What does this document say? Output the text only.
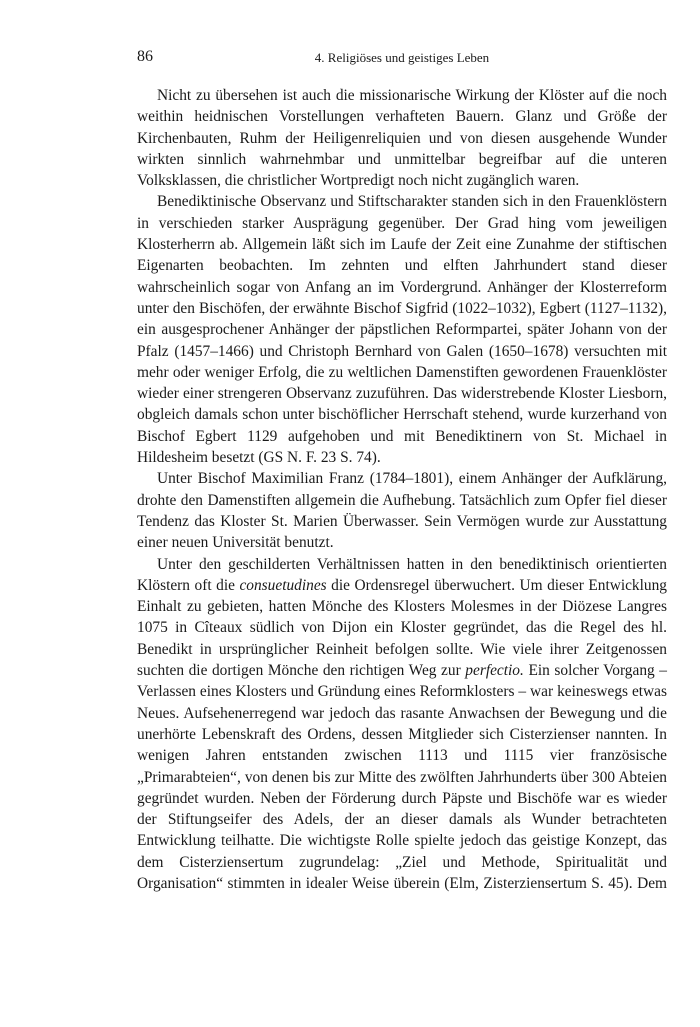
86	4. Religiöses und geistiges Leben

Nicht zu übersehen ist auch die missionarische Wirkung der Klöster auf die noch weithin heidnischen Vorstellungen verhafteten Bauern. Glanz und Größe der Kirchenbauten, Ruhm der Heiligenreliquien und von diesen ausgehende Wunder wirkten sinnlich wahrnehmbar und unmittelbar begreifbar auf die unteren Volksklassen, die christlicher Wortpredigt noch nicht zugänglich waren.

Benediktinische Observanz und Stiftscharakter standen sich in den Frauenklöstern in verschieden starker Ausprägung gegenüber. Der Grad hing vom jeweiligen Klosterherrn ab. Allgemein läßt sich im Laufe der Zeit eine Zunahme der stiftischen Eigenarten beobachten. Im zehnten und elften Jahrhundert stand dieser wahrscheinlich sogar von Anfang an im Vordergrund. Anhänger der Klosterreform unter den Bischöfen, der erwähnte Bischof Sigfrid (1022–1032), Egbert (1127–1132), ein ausgesprochener Anhänger der päpstlichen Reformpartei, später Johann von der Pfalz (1457–1466) und Christoph Bernhard von Galen (1650–1678) versuchten mit mehr oder weniger Erfolg, die zu weltlichen Damenstiften gewordenen Frauenklöster wieder einer strengeren Observanz zuzuführen. Das widerstrebende Kloster Liesborn, obgleich damals schon unter bischöflicher Herrschaft stehend, wurde kurzerhand von Bischof Egbert 1129 aufgehoben und mit Benediktinern von St. Michael in Hildesheim besetzt (GS N. F. 23 S. 74).

Unter Bischof Maximilian Franz (1784–1801), einem Anhänger der Aufklärung, drohte den Damenstiften allgemein die Aufhebung. Tatsächlich zum Opfer fiel dieser Tendenz das Kloster St. Marien Überwasser. Sein Vermögen wurde zur Ausstattung einer neuen Universität benutzt.

Unter den geschilderten Verhältnissen hatten in den benediktinisch orientierten Klöstern oft die consuetudines die Ordensregel überwuchert. Um dieser Entwicklung Einhalt zu gebieten, hatten Mönche des Klosters Molesmes in der Diözese Langres 1075 in Cîteaux südlich von Dijon ein Kloster gegründet, das die Regel des hl. Benedikt in ursprünglicher Reinheit befolgen sollte. Wie viele ihrer Zeitgenossen suchten die dortigen Mönche den richtigen Weg zur perfectio. Ein solcher Vorgang – Verlassen eines Klosters und Gründung eines Reformklosters – war keineswegs etwas Neues. Aufsehenerregend war jedoch das rasante Anwachsen der Bewegung und die unerhörte Lebenskraft des Ordens, dessen Mitglieder sich Cisterzienser nannten. In wenigen Jahren entstanden zwischen 1113 und 1115 vier französische „Primarabteien“, von denen bis zur Mitte des zwölften Jahrhunderts über 300 Abteien gegründet wurden. Neben der Förderung durch Päpste und Bischöfe war es wieder der Stiftungseifer des Adels, der an dieser damals als Wunder betrachteten Entwicklung teilhatte. Die wichtigste Rolle spielte jedoch das geistige Konzept, das dem Cisterziensertum zugrundelag: „Ziel und Methode, Spiritualität und Organisation“ stimmten in idealer Weise überein (Elm, Zisterziensertum S. 45). Dem
